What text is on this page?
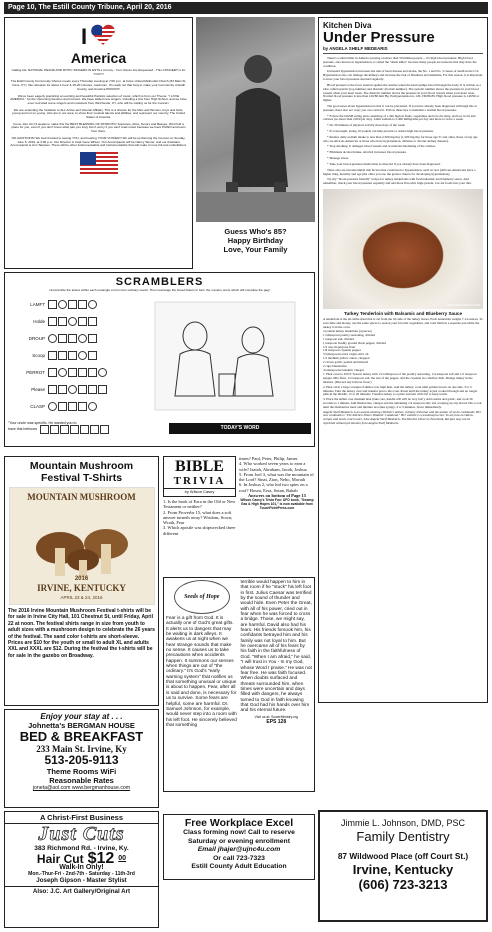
Page 10, The Estill County Tribune, April 20, 2016
I
America
Calling ALL NATIONAL KNAND AND ROTIC SINGERS IN ESTILL County - Your Voices Are Requested - This CONCERT is for YOU!!!!
The Estill County Community Chorus meets every Thursday evening at 7:00 p.m. at Irvine United Methodist Church (84 Main St, Irvine, KY). We rehearse for about 1 hour & 15-20 minutes, maximum. It's really not that long to make your Community of Estill County, and America PROUD!!!
We've been eagerly practicing an exciting and beautiful Patriotic selection of music, which is from our Theme: "I LOVE AMERICA," for the Upcoming Session and Concert. We have added new singers, including a few from High School, and we have even recruited some singers and musicians from Winchester, KY, who will be visiting us for the Concert.
We are extending the invitation to ALL Active and Veteran Military. This is a chance for the Men and Women, boys and Girls, young and not so young, who are in our area, to show their musical talents and abilities, and represent our country, The United States of America.
Come Join Us! (3 weeks to make this the BEST BLESSING OF PATRIOTIC Sopranos, Altos, Tenors and Basses. We'll find a place for you, even if you don't know what part you sing. Don't worry if you can't read music because we have PIANO and learn from there.
NO AUDITIONS! We look forward to seeing YOU, and hearing YOUR VOICES!!! We will be performing the Concert on Sunday, June 5, 2016, at 3:00 p.m. Our Director is Capt Gene Wilson. Our Accompanist will be Nancy Tanner, and our Assistant Accompanist is Ann Tautious. There will be other instrumentalists and instrumentalists that will make it more full and embellished.
Guess Who's 85?
Happy Birthday
Love, Your Family
SCRAMBLERS
Unscramble the letters within each rectangle to form four ordinary words. Then rearrange the boxed letters to form the mystery word, which will complete the gag!
LAMFT
Holde
DROUP
Scoop
PERROT
Please
CLASP
"Your uncle was specific. He wanted you to
have this heirloom	TODAY'S WORD
Kitchen Diva
Under Pressure
by ANGELA SHELF MEDEARIS

There's a silent killer in America preying on more than 50 million people -- it's high blood pressure. High blood pressure, also known as hypertension, is called the "silent killer" because many people are unaware that they have the condition.

Untreated hypertension increases the risk of heart disease and stroke, the No. 1 and No. 3 causes of death in the U.S. Hypertension also can damage the kidneys and increase the risk of blindness and dementia. For this reason, it is important to have your blood pressure checked regularly.

Blood pressure is the force exerted against the arteries when the heart pumps blood through the body. It is written as a ratio called systolic (top number) and diastolic (bottom number). The systolic number shows the pressure in your blood vessels when your heart beats. The diastolic number shows the pressure in your blood vessels when your heart rests. Normal blood pressure is less than 120/80 mm Hg. Prehypertension is 120-139/80-89. High blood pressure is 140/90 or higher.

The good news about hypertension is that it can be prevented. If you have already been diagnosed with high blood pressure, there also are ways you can control it. Follow these tips to maintain a normal blood pressure:

* Follow the DASH eating plan consisting of a diet high in fruits, vegetables and low-fat dairy, and low in fat and calories (no more than 2,000 per day). Limit sodium to 2,400 milligrams per day and more to twice a week.

* Do 30 minutes of physical activity most days of the week.

* If overweight, losing 10 pounds can help prevent or reduce high blood pressure.

* Reduce daily sodium intake to less than 2,300 mg/day (1,500 mg/day for those age 51 and older, those of any age who are African-American or those who have hypertension, diabetes or chronic kidney disease).

* Stop smoking. It damages blood vessels and accelerates hardening of the arteries.

* Eliminate alcohol intake. Alcohol increases blood pressure.

* Manage stress.

* Take your blood-pressure medication as directed if you already have been diagnosed.

There also are uncontrollable risk factors that could lead to hypertension, such as race (African-Americans have a higher risk), heredity and age (the older you are, the greater chance for developing hypertension).

Try my "blood-pressure friendly" recipe for turkey tenderloins with fresh balsamic and blueberry sauce. And remember, check your blood pressure regularly and add more flavorful, high-protein, low-fat foods into your diet.

Depositphotos.com
Turkey Tenderloin with Balsamic and Blueberry Sauce

A tenderloin is the all-white meat that is cut from the rib side of the turkey breast. Each tenderloin weighs 7-14 ounces. To save time and money, use the same spices to season your favorite vegetables, and roast them in a separate pan while the turkey is in the oven.

2 pounds turkey tenderloin (4 pieces)
1 tablespoon poultry seasoning, divided
1 teaspoon salt, divided
1 teaspoon freshly ground black pepper, divided
1/2 cup all-purpose flour
1/8 teaspoon cayenne pepper
3 tablespoons extra virgin olive oil
1/2 medium yellow onion, chopped
2 cloves garlic, peeled and minced
2 cups blueberries
4 tablespoons balsamic vinegar

1. Heat oven to 450 F. Season turkey with 1/2 tablespoon of the poultry seasoning, 1/4 teaspoon salt and 1/2 teaspoon pepper. Mix flour, 1/2 teaspoon salt, the rest of the pepper, and the cayenne in a shallow dish. Dredge turkey in the mixture. (Discard any leftover flour.)

2. Heat oil in a large ovenproof skillet over high heat. Add the turkey; cook until golden brown on one side, 3 to 5 minutes. Turn the turkey over and transfer pan to the oven. Roast until the turkey is just cooked through and no longer pink in the middle, 15 to 20 minutes. Transfer turkey to a plate and tent with foil to keep warm.

3. Place the skillet over medium heat (take care, handle will still be very hot!). Add onions and garlic, and cook 30 seconds to 1 minute. Add blueberries, vinegar and the remaining 1/4 teaspoon salt; stir, scraping up any brown bits. Cook until the blueberries burst and mixture becomes syrupy, 4 to 5 minutes. Serve immediately.

Angela Shelf Medearis is an award-winning children's author, culinary historian and the author of seven cookbooks. Her new cookbook is "The Kitchen Diva's Diabetic Cookbook." Her website is www.divapro.com. To see how-to videos, recipes and much, much more, Like Angela Shelf Medearis, The Kitchen Diva! on Facebook. Recipes may not be reprinted without permission from Angela Shelf Medearis.

Mountain Mushroom
Festival T-Shirts
MOUNTAIN MUSHROOM
2016
IRVINE, KENTUCKY
APRIL 23 & 24, 2016
The 2016 Irvine Mountain Mushroom Festival t-shirts will be for sale in Irvine City Hall, 101 Chestnut St, until Friday, April 22 at noon. The festival shirts range in size from youth to adult sizes with a mushroom design to celebrate the 26 years of the festival. The sand color t-shirts are short-sleeve. Prices are $10 for the youth or small to adult XL and adults XXL and XXXL are $12. During the festival the t-shirts will be for sale in the gazebo on Broadway.
Enjoy your stay at . . .
Johnetta's BERGMAN HOUSE
BED & BREAKFAST
233 Main St. Irvine, Ky
513-205-9113
Theme Rooms WiFi
Reasonable Rates
joneta@aol.com www.bergmanhouse.com
A Christ-First Business
Just Cuts
383 Richmond Rd. - Irvine, Ky.
Hair Cut $12 00
Walk-In Only!
Mon.-Thur-Fri - 2nd-7th - Saturday - 11th-3rd
Joseph Gipson - Master Stylist
Also: J.C. Art Gallery/Original Art
BIBLE
TRIVIA
by Wilson Casey

1. Is the book of Ezra in the Old or New Testament or neither?

2. From Proverbs 15, what does a soft answer turneth away? Wisdom, Scorn, Wrath, Fear

3. Which apostle was shipwrecked three different

times? Paul, Peter, Philip, James

4. Who worked seven years to earn a wife? Isaiah, Abraham, Jacob, Joshua

5. From Joel 3, what was the mountain of the Lord? Sinai, Zion, Nebo, Moriah

6. In Joshua 2, who hid two spies on a roof? Hosea, Ezra, Sotan, Rahab

Answers on bottom of Page 15

Wilson Casey's Trivia Fun: UFO book, "Swamp Gas & High Hopes 101," is now available from TouchPointPress.com

Seeds of Hope
Fear is a gift from God. It is actually one of God's great gifts. It alerts us to dangers that may be waiting in dark alleys. It awakens us at night when we hear strange sounds that make no sense. It causes us to take precautions when accidents happen. It summons our senses when things are out of "the ordinary." It's God's "early warning system" that notifies us that something unusual or unique is about to happen. Fear, after all is said and done, is necessary for us to survive. Some fears are helpful, some are harmful. Dr. Samuel Johnson, for example, would never step into a room with his left foot. He sincerely believed that something
terrible would happen to him in that room if he "stuck" his left foot in first. Julius Caesar was terrified by the sound of thunder and would hide. Even Peter the Great, with all of his power, cried out in fear when he was forced to cross a bridge. Those, we might say, are harmful. David also had his fears. His friends forsook him, his confidants betrayed him and his family was not loyal to him. But he overcame all of his fears by his faith in the faithfulness of God. "When I am afraid," he said, "I will trust in You - In my God, whose Word I praise." He was not fear free. He was faith focused. When doubts surfaced and threats surrounded him, when times were uncertain and days filled with dangers, he always turned to God in faith knowing that God had his hands over him and his eternal future.
Visit us at: SowerMinistry.org
EPS 128
Free Workplace Excel
Class forming now! Call to reserve
Saturday or evening enrollment
Email jhajer@ujnc4u.com
Or call 723-7323
Estill County Adult Education
Jimmie L. Johnson, DMD, PSC
Family Dentistry
87 Wildwood Place (off Court St.)
Irvine, Kentucky
(606) 723-3213
